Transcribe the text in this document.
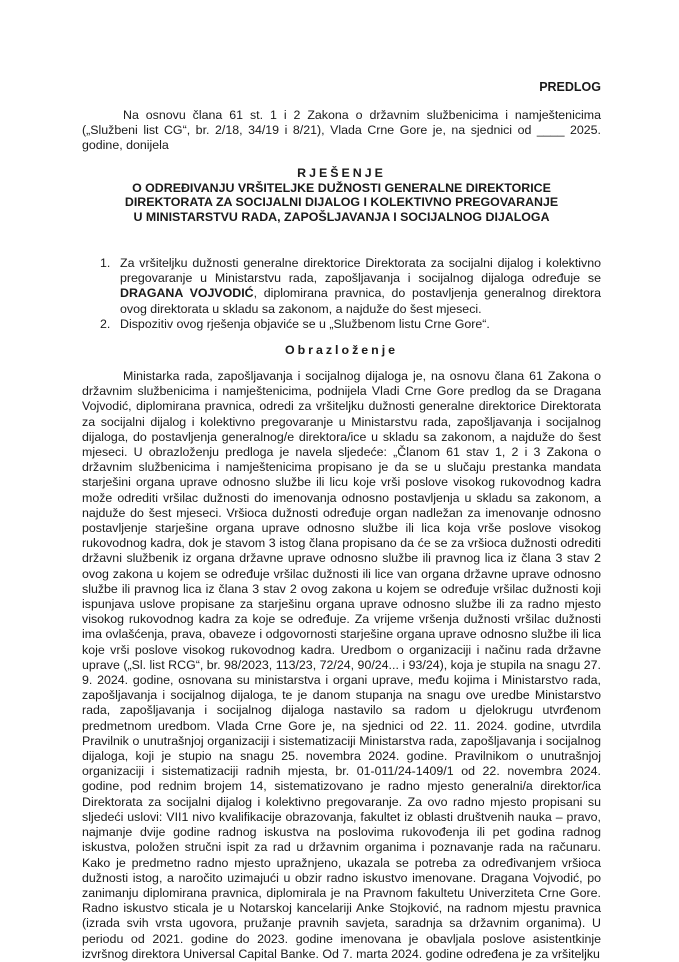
PREDLOG

Na osnovu člana 61 st. 1 i 2 Zakona o državnim službenicima i namještenicima („Službeni list CG“, br. 2/18, 34/19 i 8/21), Vlada Crne Gore je, na sjednici od ____ 2025. godine, donijela

RJEŠENJE
O ODREĐIVANJU VRŠITELJKE DUŽNOSTI GENERALNE DIREKTORICE
DIREKTORATA ZA SOCIJALNI DIJALOG I KOLEKTIVNO PREGOVARANJE
U MINISTARSTVU RADA, ZAPOŠLJAVANJA I SOCIJALNOG DIJALOGA
1. Za vršiteljku dužnosti generalne direktorice Direktorata za socijalni dijalog i kolektivno pregovaranje u Ministarstvu rada, zapošljavanja i socijalnog dijaloga određuje se DRAGANA VOJVODIĆ, diplomirana pravnica, do postavljenja generalnog direktora ovog direktorata u skladu sa zakonom, a najduže do šest mjeseci.
2. Dispozitiv ovog rješenja objaviće se u „Službenom listu Crne Gore“.
Obrazloženje

Ministarka rada, zapošljavanja i socijalnog dijaloga je, na osnovu člana 61 Zakona o državnim službenicima i namještenicima, podnijela Vladi Crne Gore predlog da se Dragana Vojvodić, diplomirana pravnica, odredi za vršiteljku dužnosti generalne direktorice Direktorata za socijalni dijalog i kolektivno pregovaranje u Ministarstvu rada, zapošljavanja i socijalnog dijaloga, do postavljenja generalnog/e direktora/ice u skladu sa zakonom, a najduže do šest mjeseci. U obrazloženju predloga je navela sljedeće: „Članom 61 stav 1, 2 i 3 Zakona o državnim službenicima i namještenicima propisano je da se u slučaju prestanka mandata starješini organa uprave odnosno službe ili licu koje vrši poslove visokog rukovodnog kadra može odrediti vršilac dužnosti do imenovanja odnosno postavljenja u skladu sa zakonom, a najduže do šest mjeseci. Vršioca dužnosti određuje organ nadležan za imenovanje odnosno postavljenje starješine organa uprave odnosno službe ili lica koja vrše poslove visokog rukovodnog kadra, dok je stavom 3 istog člana propisano da će se za vršioca dužnosti odrediti državni službenik iz organa državne uprave odnosno službe ili pravnog lica iz člana 3 stav 2 ovog zakona u kojem se određuje vršilac dužnosti ili lice van organa državne uprave odnosno službe ili pravnog lica iz člana 3 stav 2 ovog zakona u kojem se određuje vršilac dužnosti koji ispunjava uslove propisane za starješinu organa uprave odnosno službe ili za radno mjesto visokog rukovodnog kadra za koje se određuje. Za vrijeme vršenja dužnosti vršilac dužnosti ima ovlašćenja, prava, obaveze i odgovornosti starješine organa uprave odnosno službe ili lica koje vrši poslove visokog rukovodnog kadra. Uredbom o organizaciji i načinu rada državne uprave („Sl. list RCG“, br. 98/2023, 113/23, 72/24, 90/24... i 93/24), koja je stupila na snagu 27. 9. 2024. godine, osnovana su ministarstva i organi uprave, među kojima i Ministarstvo rada, zapošljavanja i socijalnog dijaloga, te je danom stupanja na snagu ove uredbe Ministarstvo rada, zapošljavanja i socijalnog dijaloga nastavilo sa radom u djelokrugu utvrđenom predmetnom uredbom. Vlada Crne Gore je, na sjednici od 22. 11. 2024. godine, utvrdila Pravilnik o unutrašnjoj organizaciji i sistematizaciji Ministarstva rada, zapošljavanja i socijalnog dijaloga, koji je stupio na snagu 25. novembra 2024. godine. Pravilnikom o unutrašnjoj organizaciji i sistematizaciji radnih mjesta, br. 01-011/24-1409/1 od 22. novembra 2024. godine, pod rednim brojem 14, sistematizovano je radno mjesto generalni/a direktor/ica Direktorata za socijalni dijalog i kolektivno pregovaranje. Za ovo radno mjesto propisani su sljedeći uslovi: VII1 nivo kvalifikacije obrazovanja, fakultet iz oblasti društvenih nauka – pravo, najmanje dvije godine radnog iskustva na poslovima rukovođenja ili pet godina radnog iskustva, položen stručni ispit za rad u državnim organima i poznavanje rada na računaru. Kako je predmetno radno mjesto upražnjeno, ukazala se potreba za određivanjem vršioca dužnosti istog, a naročito uzimajući u obzir radno iskustvo imenovane. Dragana Vojvodić, po zanimanju diplomirana pravnica, diplomirala je na Pravnom fakultetu Univerziteta Crne Gore. Radno iskustvo sticala je u Notarskoj kancelariji Anke Stojković, na radnom mjestu pravnica (izrada svih vrsta ugovora, pružanje pravnih savjeta, saradnja sa državnim organima). U periodu od 2021. godine do 2023. godine imenovana je obavljala poslove asistentkinje izvršnog direktora Universal Capital Banke. Od 7. marta 2024. godine određena je za vršiteljku
